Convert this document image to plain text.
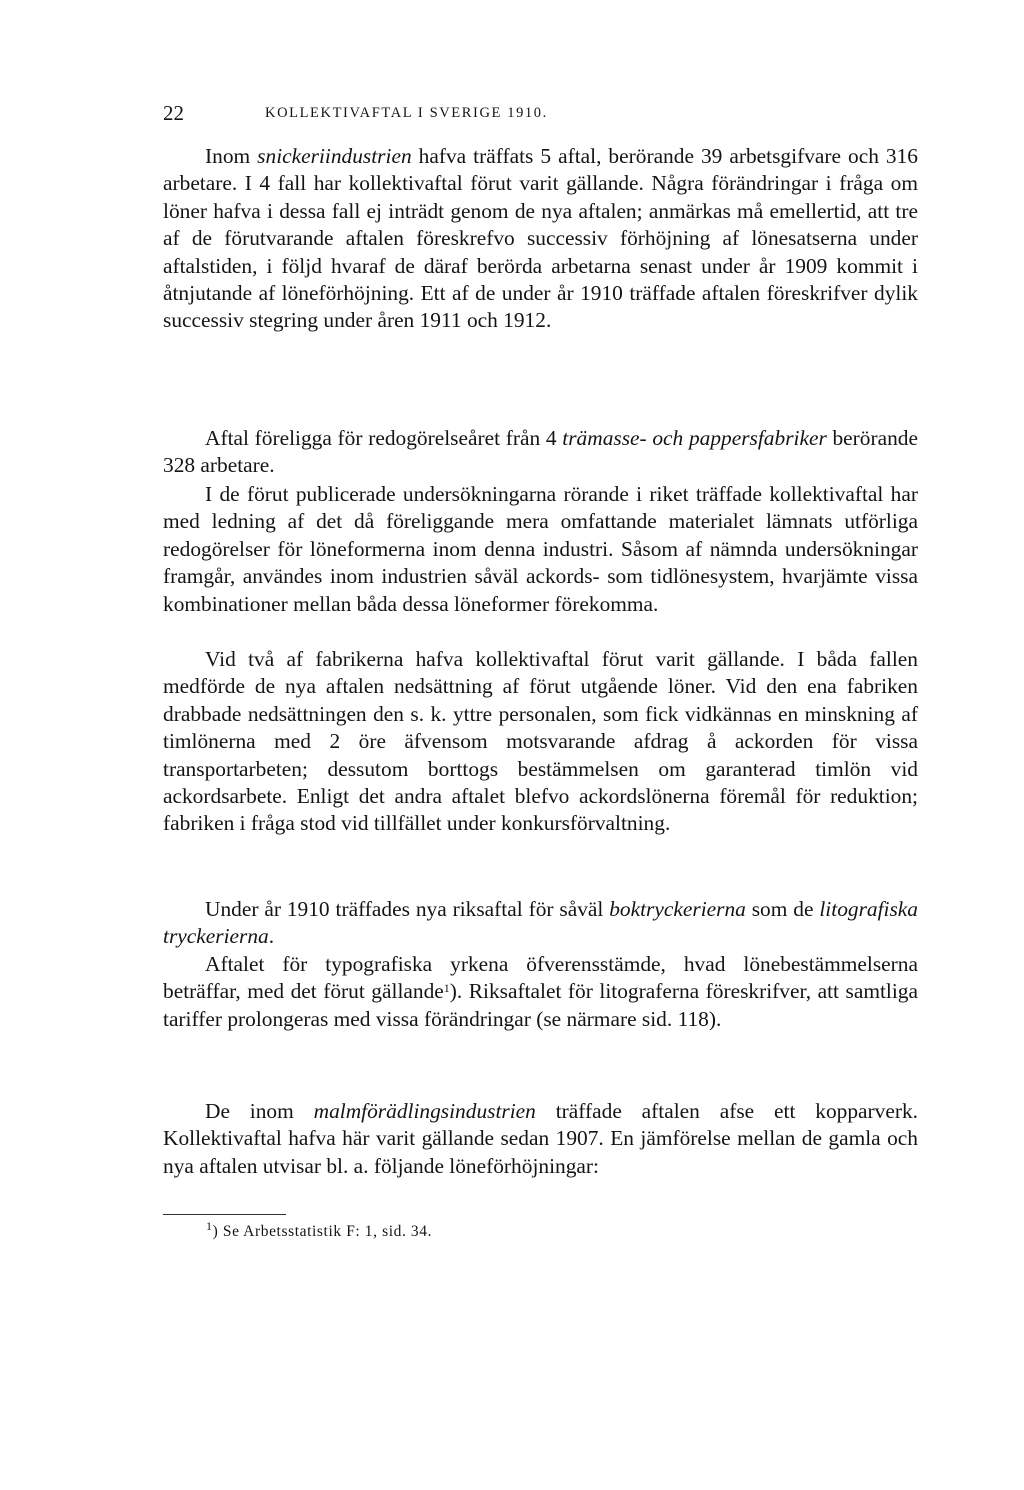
22	KOLLEKTIVAFTAL I SVERIGE 1910.

Inom snickeriindustrien hafva träffats 5 aftal, berörande 39 arbetsgifvare och 316 arbetare. I 4 fall har kollektivaftal förut varit gällande. Några förändringar i fråga om löner hafva i dessa fall ej inträdt genom de nya aftalen; anmärkas må emellertid, att tre af de förutvarande aftalen föreskrefvo successiv förhöjning af lönesatserna under aftalstiden, i följd hvaraf de däraf berörda arbetarna senast under år 1909 kommit i åtnjutande af löneförhöjning. Ett af de under år 1910 träffade aftalen föreskrifver dylik successiv stegring under åren 1911 och 1912.

Aftal föreligga för redogörelseåret från 4 trämasse- och pappersfabriker berörande 328 arbetare.

I de förut publicerade undersökningarna rörande i riket träffade kollektivaftal har med ledning af det då föreliggande mera omfattande materialet lämnats utförliga redogörelser för löneformerna inom denna industri. Såsom af nämnda undersökningar framgår, användes inom industrien såväl ackords- som tidlönesystem, hvarjämte vissa kombinationer mellan båda dessa löneformer förekomma.

Vid två af fabrikerna hafva kollektivaftal förut varit gällande. I båda fallen medförde de nya aftalen nedsättning af förut utgående löner. Vid den ena fabriken drabbade nedsättningen den s. k. yttre personalen, som fick vidkännas en minskning af timlönerna med 2 öre äfvensom motsvarande afdrag å ackorden för vissa transportarbeten; dessutom borttogs bestämmelsen om garanterad timlön vid ackordsarbete. Enligt det andra aftalet blefvo ackordslönerna föremål för reduktion; fabriken i fråga stod vid tillfället under konkursförvaltning.

Under år 1910 träffades nya riksaftal för såväl boktryckerierna som de litografiska tryckerierna.

Aftalet för typografiska yrkena öfverensstämde, hvad lönebestämmelserna beträffar, med det förut gällande$^1$). Riksaftalet för litograferna föreskrifver, att samtliga tariffer prolongeras med vissa förändringar (se närmare sid. 118).

De inom malmförädlingsindustrien träffade aftalen afse ett kopparverk. Kollektivaftal hafva här varit gällande sedan 1907. En jämförelse mellan de gamla och nya aftalen utvisar bl. a. följande löneförhöjningar:

$^1$) Se Arbetsstatistik F: 1, sid. 34.
